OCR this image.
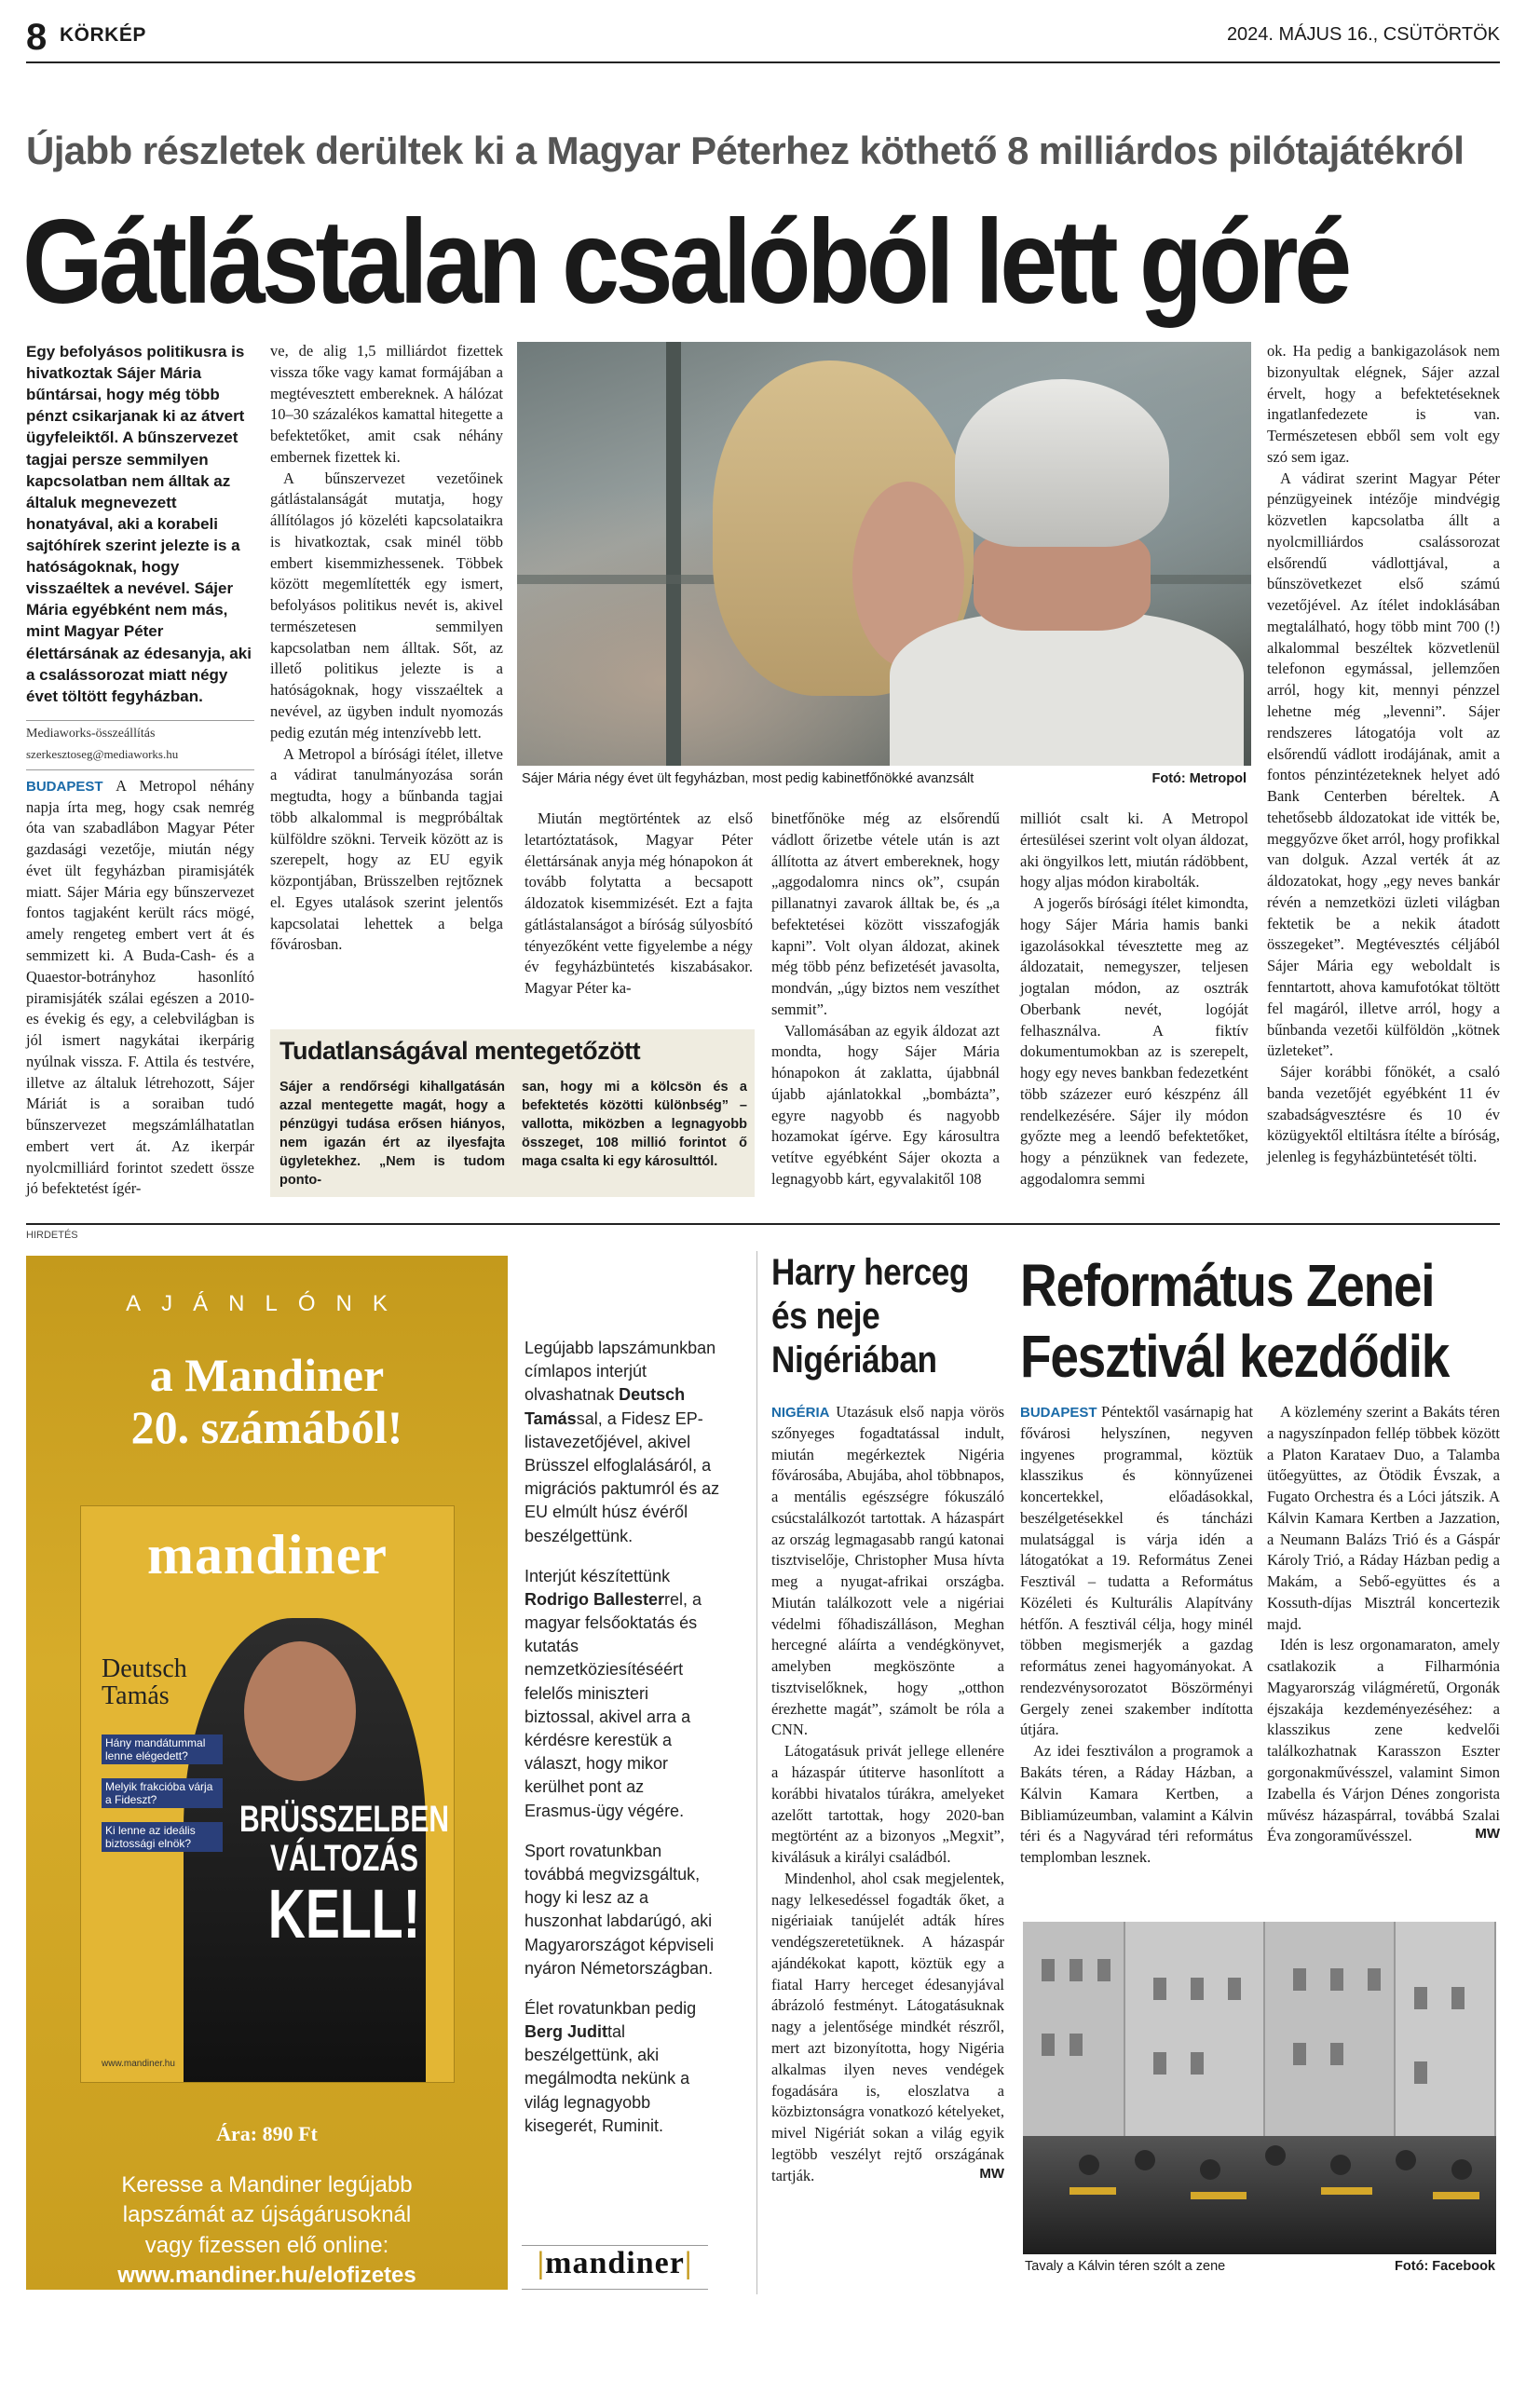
8 KÖRKÉP	2024. MÁJUS 16., CSÜTÖRTÖK
Újabb részletek derültek ki a Magyar Péterhez köthető 8 milliárdos pilótajátékról
Gátlástalan csalóból lett góré
Egy befolyásos politikusra is hivatkoztak Sájer Mária bűntársai, hogy még több pénzt csikarjanak ki az átvert ügyfeleiktől. A bűnszervezet tagjai persze semmilyen kapcsolatban nem álltak az általuk megnevezett honatyával, aki a korabeli sajtóhírek szerint jelezte is a hatóságoknak, hogy visszaéltek a nevével. Sájer Mária egyébként nem más, mint Magyar Péter élettársának az édesanyja, aki a csalássorozat miatt négy évet töltött fegyházban.
Mediaworks-összeállítás
szerkesztoseg@mediaworks.hu

BUDAPEST A Metropol néhány napja írta meg, hogy csak nemrég óta van szabadlábon Magyar Péter gazdasági vezetője, miután négy évet ült fegyházban piramisjáték miatt. Sájer Mária egy bűnszervezet fontos tagjaként került rács mögé, amely rengeteg embert vert át és semmizett ki. A Buda-Cash- és a Quaestor-botrányhoz hasonlító piramisjáték szálai egészen a 2010-es évekig és egy, a celebvilágban is jól ismert nagykátai ikerpárig nyúlnak vissza. F. Attila és testvére, illetve az általuk létrehozott, Sájer Máriát is a soraiban tudó bűnszervezet megszámlálhatatlan embert vert át. Az ikerpár nyolcmilliárd forintot szedett össze jó befektetést ígér-

ve, de alig 1,5 milliárdot fizettek vissza tőke vagy kamat formájában a megtévesztett embereknek. A hálózat 10–30 százalékos kamattal hitegette a befektetőket, amit csak néhány embernek fizettek ki.

A bűnszervezet vezetőinek gátlástalanságát mutatja, hogy állítólagos jó közeléti kapcsolataikra is hivatkoztak, csak minél több embert kisemmizhessenek. Többek között megemlítették egy ismert, befolyásos politikus nevét is, akivel természetesen semmilyen kapcsolatban nem álltak. Sőt, az illető politikus jelezte is a hatóságoknak, hogy visszaéltek a nevével, az ügyben indult nyomozás pedig ezután még intenzívebb lett.

A Metropol a bírósági ítélet, illetve a vádirat tanulmányozása során megtudta, hogy a bűnbanda tagjai több alkalommal is megpróbáltak külföldre szökni. Terveik között az is szerepelt, hogy az EU egyik központjában, Brüsszelben rejtőznek el. Egyes utalások szerint jelentős kapcsolatai lehettek a belga fővárosban.

Sájer Mária négy évet ült fegyházban, most pedig kabinetfőnökké avanzsált	Fotó: Metropol

Miután megtörténtek az első letartóztatások, Magyar Péter élettársának anyja még hónapokon át tovább folytatta a becsapott áldozatok kisemmizését. Ezt a fajta gátlástalanságot a bíróság súlyosbító tényezőként vette figyelembe a négy év fegyházbüntetés kiszabásakor. Magyar Péter ka-

binetfőnöke még az elsőrendű vádlott őrizetbe vétele után is azt állította az átvert embereknek, hogy „aggodalomra nincs ok”, csupán pillanatnyi zavarok álltak be, és „a befektetései között visszafogják kapni”. Volt olyan áldozat, akinek még több pénz befizetését javasolta, mondván, „úgy biztos nem veszíthet semmit”.

Vallomásában az egyik áldozat azt mondta, hogy Sájer Mária hónapokon át zaklatta, újabbnál újabb ajánlatokkal „bombázta”, egyre nagyobb és nagyobb hozamokat ígérve. Egy károsultra vetítve egyébként Sájer okozta a legnagyobb kárt, egyvalakitől 108

milliót csalt ki. A Metropol értesülései szerint volt olyan áldozat, aki öngyilkos lett, miután rádöbbent, hogy aljas módon kirabolták.

A jogerős bírósági ítélet kimondta, hogy Sájer Mária hamis banki igazolásokkal tévesztette meg az áldozatait, nemegyszer, teljesen jogtalan módon, az osztrák Oberbank nevét, logóját felhasználva. A fiktív dokumentumokban az is szerepelt, hogy egy neves bankban fedezetként több százezer euró készpénz áll rendelkezésére. Sájer ily módon győzte meg a leendő befektetőket, hogy a pénzüknek van fedezete, aggodalomra semmi

ok. Ha pedig a bankigazolások nem bizonyultak elégnek, Sájer azzal érvelt, hogy a befektetéseknek ingatlanfedezete is van. Természetesen ebből sem volt egy szó sem igaz.

A vádirat szerint Magyar Péter pénzügyeinek intézője mindvégig közvetlen kapcsolatba állt a nyolcmilliárdos csalássorozat elsőrendű vádlottjával, a bűnszövetkezet első számú vezetőjével. Az ítélet indoklásában megtalálható, hogy több mint 700 (!) alkalommal beszéltek közvetlenül telefonon egymással, jellemzően arról, hogy kit, mennyi pénzzel lehetne még „levenni”. Sájer rendszeres látogatója volt az elsőrendű vádlott irodájának, amit a fontos pénzintézeteknek helyet adó Bank Centerben béreltek. A tehetősebb áldozatokat ide vitték be, meggyőzve őket arról, hogy profikkal van dolguk. Azzal verték át az áldozatokat, hogy „egy neves bankár révén a nemzetközi üzleti világban fektetik be a nekik átadott összegeket”. Megtévesztés céljából Sájer Mária egy weboldalt is fenntartott, ahova kamufotókat töltött fel magáról, illetve arról, hogy a bűnbanda vezetői külföldön „kötnek üzleteket”.

Sájer korábbi főnökét, a csaló banda vezetőjét egyébként 11 év szabadságvesztésre és 10 év közügyektől eltiltásra ítélte a bíróság, jelenleg is fegyházbüntetését tölti.

Tudatlanságával mentegetőzött
Sájer a rendőrségi kihallgatásán azzal mentegette magát, hogy a pénzügyi tudása erősen hiányos, nem igazán ért az ilyesfajta ügyletekhez. „Nem is tudom ponto-
san, hogy mi a kölcsön és a befektetés közötti különbség” – vallotta, miközben a legnagyobb összeget, 108 millió forintot ő maga csalta ki egy károsulttól.
HIRDETÉS
AJÁNLÓNK
a Mandiner
20. számából!
mandiner
Deutsch
Tamás
Hány mandátummal lenne elégedett?
Melyik frakcióba várja a Fideszt?
Ki lenne az ideális biztossági elnök?
BRÜSSZELBEN
VÁLTOZÁS
KELL!
www.mandiner.hu
Ára: 890 Ft
Keresse a Mandiner legújabb
lapszámát az újságárusoknál
vagy fizessen elő online:
www.mandiner.hu/elofizetes

Legújabb lapszámunkban címlapos interjút olvashatnak Deutsch Tamással, a Fidesz EP-listavezetőjével, akivel Brüsszel elfoglalásáról, a migrációs paktumról és az EU elmúlt húsz évéről beszélgettünk.

Interjút készítettünk Rodrigo Ballesterrel, a magyar felsőoktatás és kutatás nemzetköziesítéséért felelős miniszteri biztossal, akivel arra a kérdésre kerestük a választ, hogy mikor kerülhet pont az Erasmus-ügy végére.

Sport rovatunkban továbbá megvizsgáltuk, hogy ki lesz az a huszonhat labdarúgó, aki Magyarországot képviseli nyáron Németországban.

Élet rovatunkban pedig Berg Judittal beszélgettünk, aki megálmodta nekünk a világ legnagyobb kisegerét, Ruminit.

|mandiner|
Harry herceg
és neje
Nigériában

NIGÉRIA Utazásuk első napja vörös szőnyeges fogadtatással indult, miután megérkeztek Nigéria fővárosába, Abujába, ahol többnapos, a mentális egészségre fókuszáló csúcstalálkozót tartottak. A házaspárt az ország legmagasabb rangú katonai tisztviselője, Christopher Musa hívta meg a nyugat-afrikai országba. Miután találkozott vele a nigériai védelmi főhadiszálláson, Meghan hercegné aláírta a vendégkönyvet, amelyben megköszönte a tisztviselőknek, hogy „otthon érezhette magát”, számolt be róla a CNN.

Látogatásuk privát jellege ellenére a házaspár útiterve hasonlított a korábbi hivatalos túrákra, amelyeket azelőtt tartottak, hogy 2020-ban megtörtént az a bizonyos „Megxit”, kiválásuk a királyi családból.

Mindenhol, ahol csak megjelentek, nagy lelkesedéssel fogadták őket, a nigériaiak tanújelét adták híres vendégszeretetüknek. A házaspár ajándékokat kapott, köztük egy a fiatal Harry herceget édesanyjával ábrázoló festményt. Látogatásuknak nagy a jelentősége mindkét részről, mert azt bizonyította, hogy Nigéria alkalmas ilyen neves vendégek fogadására is, eloszlatva a közbiztonságra vonatkozó kételyeket, mivel Nigériát sokan a világ egyik legtöbb veszélyt rejtő országának tartják.	MW

Református Zenei
Fesztivál kezdődik

BUDAPEST Péntektől vasárnapig hat fővárosi helyszínen, negyven ingyenes programmal, köztük klasszikus és könnyűzenei koncertekkel, előadásokkal, beszélgetésekkel és táncházi mulatsággal is várja idén a látogatókat a 19. Református Zenei Fesztivál – tudatta a Református Közéleti és Kulturális Alapítvány hétfőn. A fesztivál célja, hogy minél többen megismerjék a gazdag református zenei hagyományokat. A rendezvénysorozatot Böszörményi Gergely zenei szakember indította útjára.

Az idei fesztiválon a programok a Bakáts téren, a Ráday Házban, a Kálvin Kamara Kertben, a Bibliamúzeumban, valamint a Kálvin téri és a Nagyvárad téri református templomban lesznek.

A közlemény szerint a Bakáts téren a nagyszínpadon fellép többek között a Platon Karataev Duo, a Talamba ütőegyüttes, az Ötödik Évszak, a Fugato Orchestra és a Lóci játszik. A Kálvin Kamara Kertben a Jazzation, a Neumann Balázs Trió és a Gáspár Károly Trió, a Ráday Házban pedig a Makám, a Sebő-együttes és a Kossuth-díjas Misztrál koncertezik majd.

Idén is lesz orgonamaraton, amely csatlakozik a Filharmónia Magyarország világméretű, Orgonák éjszakája kezdeményezéséhez: a klasszikus zene kedvelői találkozhatnak Karasszon Eszter gorgonakművésszel, valamint Simon Izabella és Várjon Dénes zongorista művész házaspárral, továbbá Szalai Éva zongoraművésszel.	MW

Tavaly a Kálvin téren szólt a zene	Fotó: Facebook
